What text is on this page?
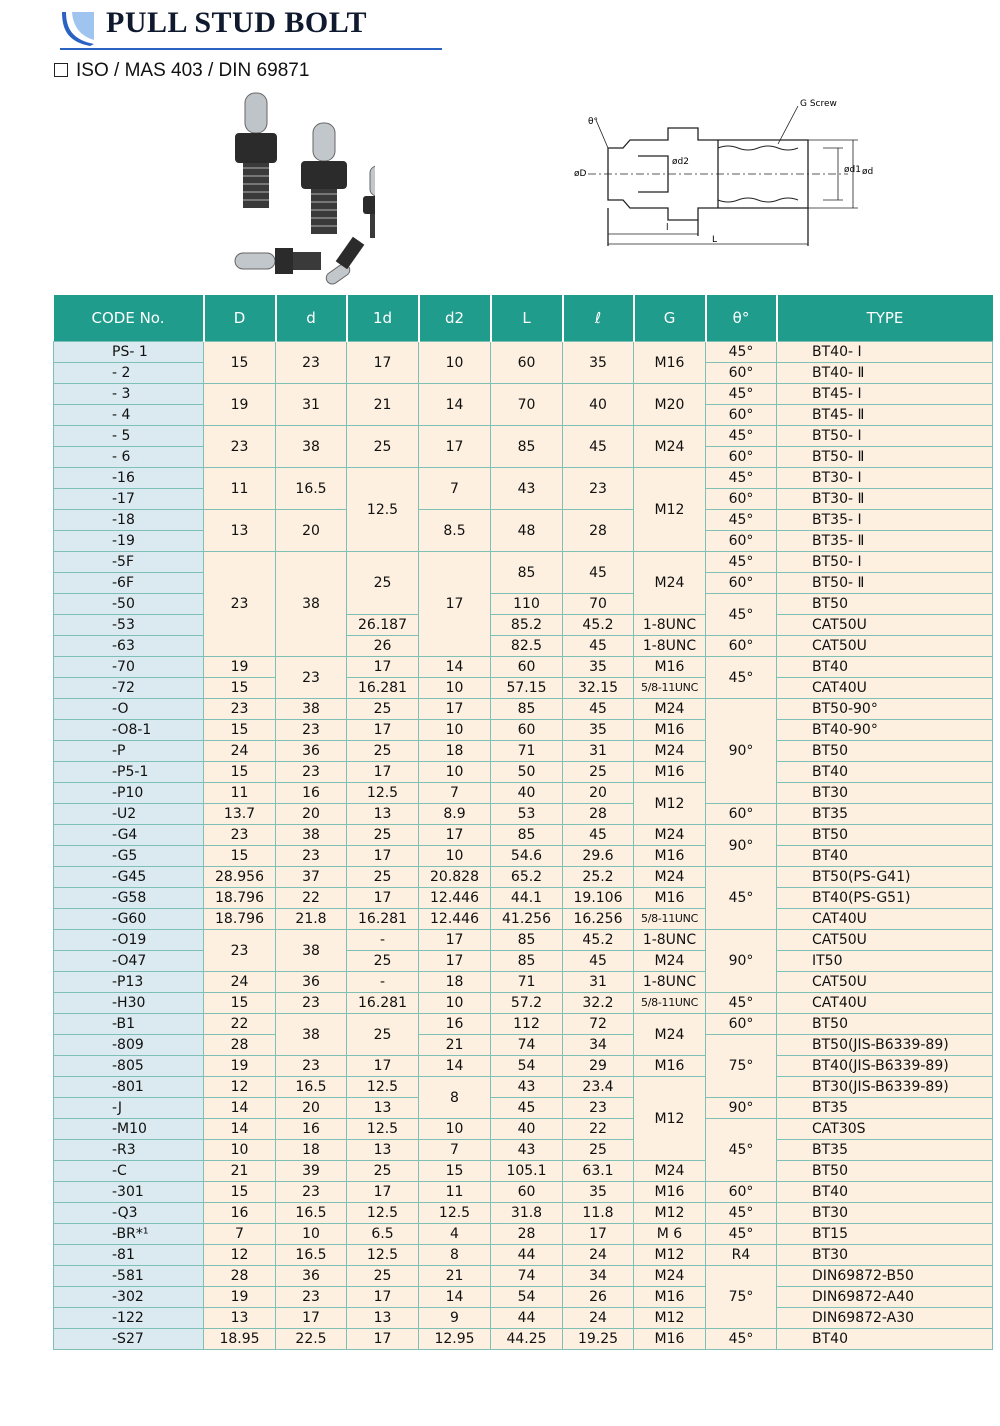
PULL STUD BOLT
ISO / MAS 403 / DIN 69871
θ°
G Screw
øD
ød2
ød1 ød
l
L
CODE No.	D	d	1d	d2	L	ℓ	G	θ°	TYPE
PS- 1	15	23	17	10	60	35	M16	45°	BT40- Ⅰ
- 2								60°	BT40- Ⅱ
- 3	19	31	21	14	70	40	M20	45°	BT45- Ⅰ
- 4								60°	BT45- Ⅱ
- 5	23	38	25	17	85	45	M24	45°	BT50- Ⅰ
- 6								60°	BT50- Ⅱ
-16	11	16.5	12.5	7	43	23	M12	45°	BT30- Ⅰ
-17								60°	BT30- Ⅱ
-18	13	20		8.5	48	28		45°	BT35- Ⅰ
-19								60°	BT35- Ⅱ
-5F	23	38	25	17	85	45	M24	45°	BT50- Ⅰ
-6F								60°	BT50- Ⅱ
-50					110	70		45°	BT50
-53			26.187		85.2	45.2	1-8UNC		CAT50U
-63			26		82.5	45	1-8UNC	60°	CAT50U
-70	19	23	17	14	60	35	M16	45°	BT40
-72	15		16.281	10	57.15	32.15	5/8-11UNC		CAT40U
-O	23	38	25	17	85	45	M24	90°	BT50-90°
-O8-1	15	23	17	10	60	35	M16		BT40-90°
-P	24	36	25	18	71	31	M24		BT50
-P5-1	15	23	17	10	50	25	M16		BT40
-P10	11	16	12.5	7	40	20	M12		BT30
-U2	13.7	20	13	8.9	53	28		60°	BT35
-G4	23	38	25	17	85	45	M24	90°	BT50
-G5	15	23	17	10	54.6	29.6	M16		BT40
-G45	28.956	37	25	20.828	65.2	25.2	M24	45°	BT50(PS-G41)
-G58	18.796	22	17	12.446	44.1	19.106	M16		BT40(PS-G51)
-G60	18.796	21.8	16.281	12.446	41.256	16.256	5/8-11UNC		CAT40U
-O19	23	38	-	17	85	45.2	1-8UNC	90°	CAT50U
-O47			25	17	85	45	M24		IT50
-P13	24	36	-	18	71	31	1-8UNC		CAT50U
-H30	15	23	16.281	10	57.2	32.2	5/8-11UNC	45°	CAT40U
-B1	22	38	25	16	112	72	M24	60°	BT50
-809	28			21	74	34		75°	BT50(JIS-B6339-89)
-805	19	23	17	14	54	29	M16		BT40(JIS-B6339-89)
-801	12	16.5	12.5	8	43	23.4	M12		BT30(JIS-B6339-89)
-J	14	20	13		45	23		90°	BT35
-M10	14	16	12.5	10	40	22		45°	CAT30S
-R3	10	18	13	7	43	25			BT35
-C	21	39	25	15	105.1	63.1	M24		BT50
-301	15	23	17	11	60	35	M16	60°	BT40
-Q3	16	16.5	12.5	12.5	31.8	11.8	M12	45°	BT30
-BR*¹	7	10	6.5	4	28	17	M 6	45°	BT15
-81	12	16.5	12.5	8	44	24	M12	R4	BT30
-581	28	36	25	21	74	34	M24	75°	DIN69872-B50
-302	19	23	17	14	54	26	M16		DIN69872-A40
-122	13	17	13	9	44	24	M12		DIN69872-A30
-S27	18.95	22.5	17	12.95	44.25	19.25	M16	45°	BT40
